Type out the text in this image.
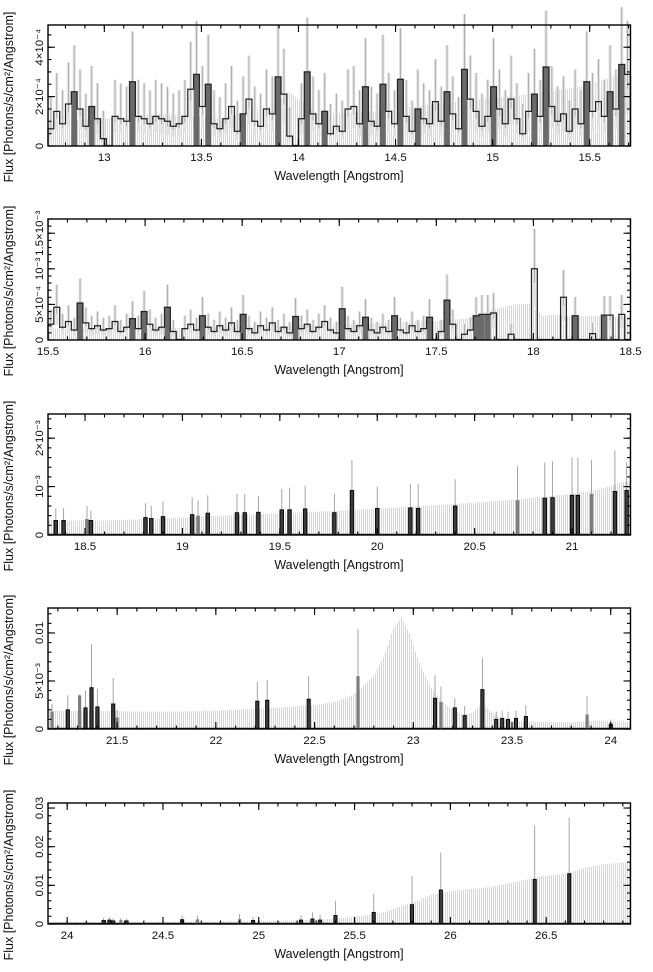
13	13.5	14	14.5	15	15.5
0
2×10⁻⁴
4×10⁻⁴
Wavelength [Angstrom]
Flux [Photons/s/cm²/Angstrom]
15.5	16	16.5	17	17.5	18	18.5
0
5×10⁻⁴
10⁻³
1.5×10⁻³
Wavelength [Angstrom]
Flux [Photons/s/cm²/Angstrom]
18.5	19	19.5	20	20.5	21
0
10⁻³
2×10⁻³
Wavelength [Angstrom]
Flux [Photons/s/cm²/Angstrom]
21.5	22	22.5	23	23.5	24
0
5×10⁻³
0.01
Wavelength [Angstrom]
Flux [Photons/s/cm²/Angstrom]
24	24.5	25	25.5	26	26.5
0
0.01
0.02
0.03
Wavelength [Angstrom]
Flux [Photons/s/cm²/Angstrom]
